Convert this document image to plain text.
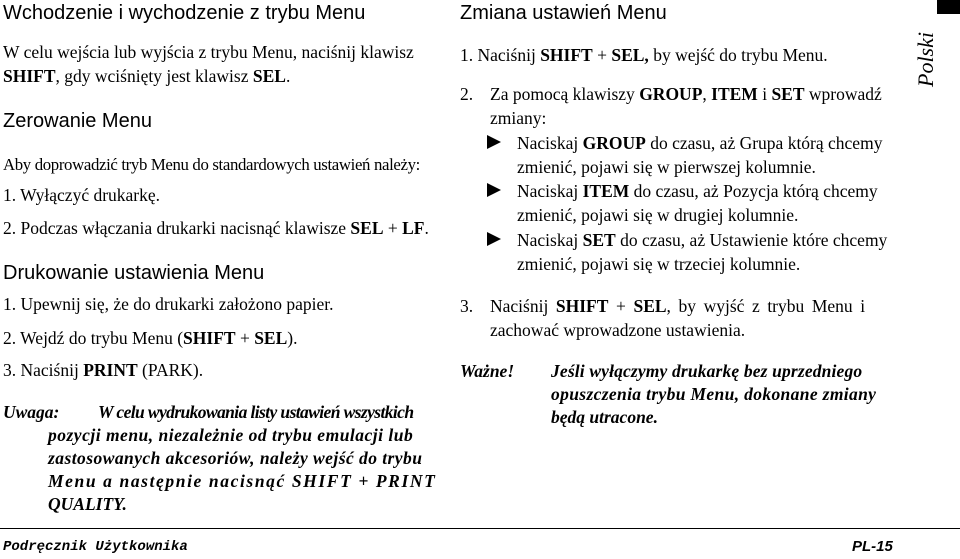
Wchodzenie i wychodzenie z trybu Menu
W celu wejścia lub wyjścia z trybu Menu, naciśnij klawisz
SHIFT, gdy wciśnięty jest klawisz SEL.
Zerowanie Menu
Aby doprowadzić tryb Menu do standardowych ustawień należy:
1. Wyłączyć drukarkę.
2. Podczas włączania drukarki nacisnąć klawisze SEL + LF.
Drukowanie ustawienia Menu
1. Upewnij się, że do drukarki założono papier.
2. Wejdź do trybu Menu (SHIFT + SEL).
3. Naciśnij PRINT (PARK).
Uwaga:	W celu wydrukowania listy ustawień wszystkich
pozycji menu, niezależnie od trybu emulacji lub
zastosowanych akcesoriów, należy wejść do trybu
Menu a następnie nacisnąć SHIFT + PRINT
QUALITY.
Zmiana ustawień Menu
1. Naciśnij SHIFT + SEL, by wejść do trybu Menu.
2. Za pomocą klawiszy GROUP, ITEM i SET wprowadź
zmiany:
Naciskaj GROUP do czasu, aż Grupa którą chcemy
zmienić, pojawi się w pierwszej kolumnie.
Naciskaj ITEM do czasu, aż Pozycja którą chcemy
zmienić, pojawi się w drugiej kolumnie.
Naciskaj SET do czasu, aż Ustawienie które chcemy
zmienić, pojawi się w trzeciej kolumnie.
3. Naciśnij SHIFT + SEL, by wyjść z trybu Menu i
zachować wprowadzone ustawienia.
Ważne! Jeśli wyłączymy drukarkę bez uprzedniego
opuszczenia trybu Menu, dokonane zmiany
będą utracone.
Polski
Podręcznik Użytkownika	PL-15
